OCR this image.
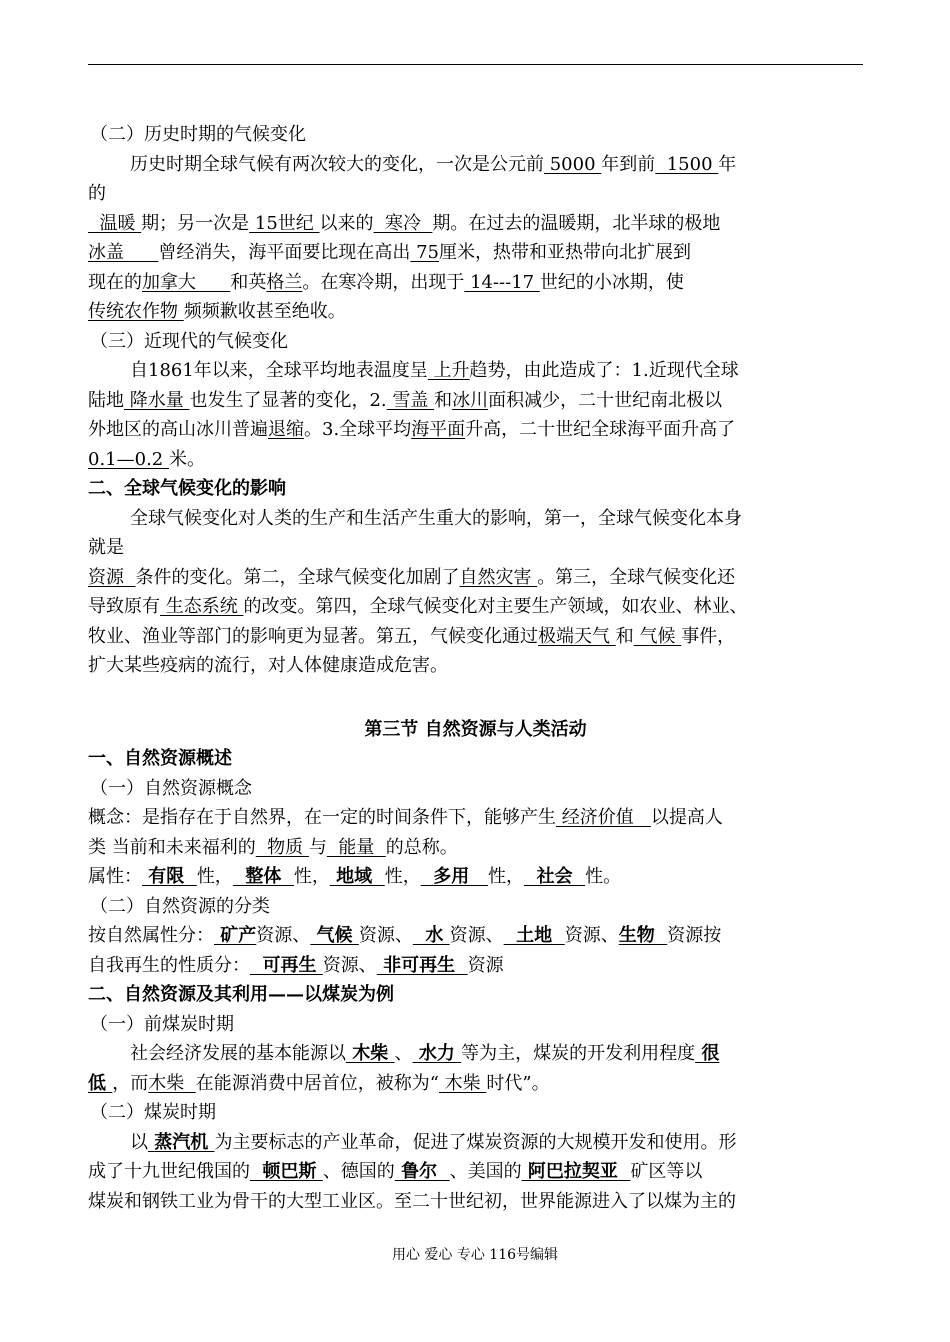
（二）历史时期的气候变化
历史时期全球气候有两次较大的变化，一次是公元前 5000 年到前  1500 年
的
温暖 期；另一次是 15世纪 以来的  寒冷  期。在过去的温暖期，北半球的极地
冰盖      曾经消失，海平面要比现在高出 75厘米，热带和亚热带向北扩展到
现在的加拿大      和英格兰。在寒冷期，出现于 14---17 世纪的小冰期，使
传统农作物 频频歉收甚至绝收。
（三）近现代的气候变化
自1861年以来，全球平均地表温度呈 上升趋势，由此造成了：1.近现代全球
陆地 降水量 也发生了显著的变化，2. 雪盖 和冰川面积减少，二十世纪南北极以
外地区的高山冰川普遍退缩。3.全球平均海平面升高，二十世纪全球海平面升高了
0.1—0.2 米。
二、全球气候变化的影响
全球气候变化对人类的生产和生活产生重大的影响，第一，全球气候变化本身
就是
资源  条件的变化。第二，全球气候变化加剧了自然灾害 。第三，全球气候变化还
导致原有 生态系统 的改变。第四，全球气候变化对主要生产领域，如农业、林业、
牧业、渔业等部门的影响更为显著。第五，气候变化通过极端天气 和 气候 事件，
扩大某些疫病的流行，对人体健康造成危害。
第三节 自然资源与人类活动
一、自然资源概述
（一）自然资源概念
概念：是指存在于自然界，在一定的时间条件下，能够产生 经济价值   以提高人
类 当前和未来福利的  物质 与  能量  的总称。
属性： 有限  性，  整体  性， 地域  性，  多用   性，  社会  性。
（二）自然资源的分类
按自然属性分： 矿产资源、 气候 资源、  水 资源、  土地  资源、生物  资源按
自我再生的性质分：  可再生 资源、 非可再生  资源
二、自然资源及其利用——以煤炭为例
（一）前煤炭时期
社会经济发展的基本能源以 木柴 、 水力 等为主，煤炭的开发利用程度 很
低 ，而木柴  在能源消费中居首位，被称为“ 木柴 时代”。
（二）煤炭时期
以 蒸汽机 为主要标志的产业革命，促进了煤炭资源的大规模开发和使用。形
成了十九世纪俄国的  顿巴斯 、德国的 鲁尔  、美国的 阿巴拉契亚  矿区等以
煤炭和钢铁工业为骨干的大型工业区。至二十世纪初，世界能源进入了以煤为主的
用心 爱心 专心 116号编辑
